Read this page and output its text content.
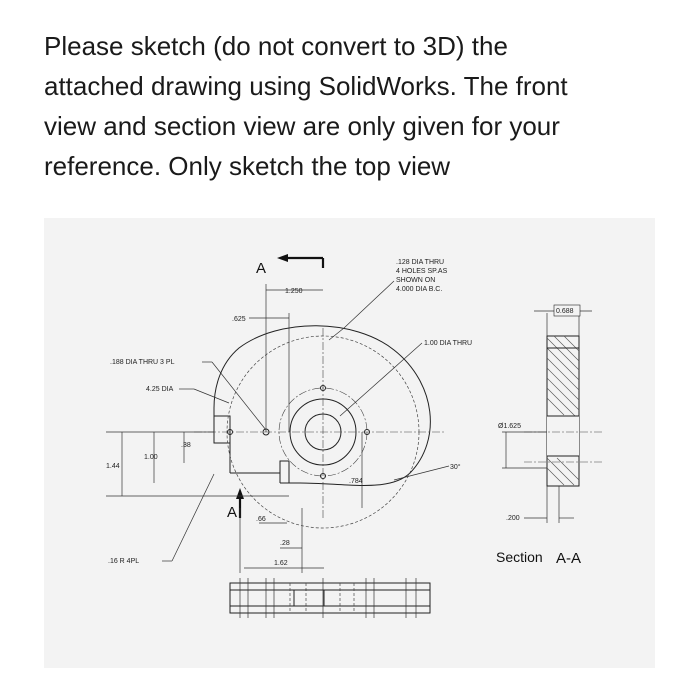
Please sketch (do not convert to 3D) the
attached drawing using SolidWorks. The front
view and section view are only given for your
reference. Only sketch the top view
A
A
1.250
.625
.128 DIA THRU
4 HOLES SP.AS
SHOWN ON
4.000 DIA B.C.
1.00 DIA THRU
.188 DIA THRU 3 PL
4.25 DIA
1.44
1.00
.38
.784
30°
.66
.28
1.62
.16 R 4PL
0.688
Ø1.625
.200
Section A-A
